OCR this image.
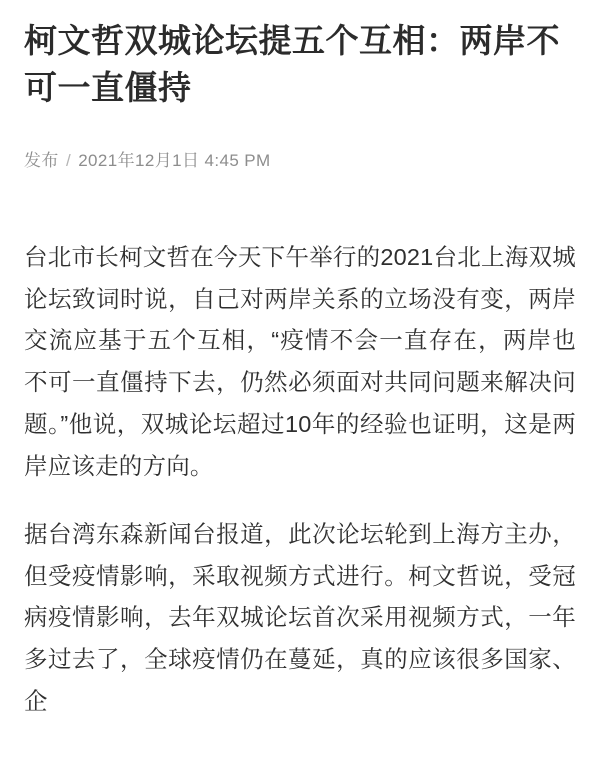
柯文哲双城论坛提五个互相：两岸不可一直僵持
发布 / 2021年12月1日 4:45 PM

台北市长柯文哲在今天下午举行的2021台北上海双城论坛致词时说，自己对两岸关系的立场没有变，两岸交流应基于五个互相，“疫情不会一直存在，两岸也不可一直僵持下去，仍然必须面对共同问题来解决问题。”他说，双城论坛超过10年的经验也证明，这是两岸应该走的方向。

据台湾东森新闻台报道，此次论坛轮到上海方主办，但受疫情影响，采取视频方式进行。柯文哲说，受冠病疫情影响，去年双城论坛首次采用视频方式，一年多过去了，全球疫情仍在蔓延，真的应该很多国家、企
